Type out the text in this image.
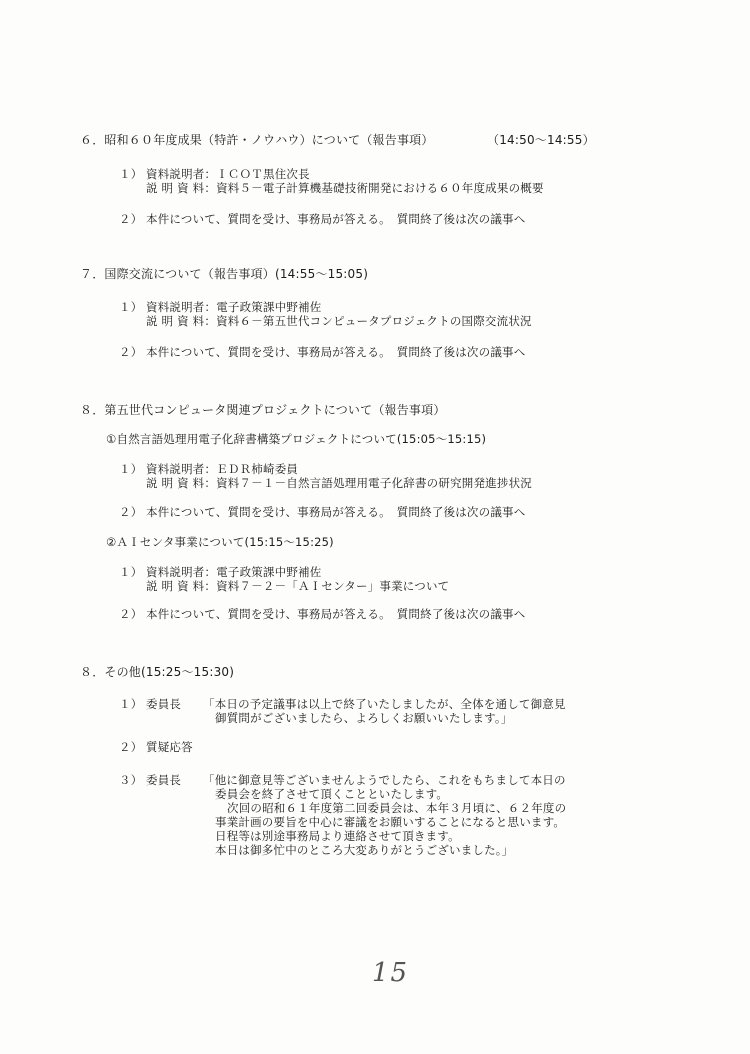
６．昭和６０年度成果（特許・ノウハウ）について（報告事項）	（14:50〜14:55）
１） 資料説明者：ＩＣＯＴ黒住次長
説 明 資 料：資料５－電子計算機基礎技術開発における６０年度成果の概要
２） 本件について、質問を受け、事務局が答える。　質問終了後は次の議事へ
７．国際交流について（報告事項）(14:55〜15:05)
１） 資料説明者：電子政策課中野補佐
説 明 資 料：資料６－第五世代コンピュータプロジェクトの国際交流状況
２） 本件について、質問を受け、事務局が答える。　質問終了後は次の議事へ
８．第五世代コンピュータ関連プロジェクトについて（報告事項）
①自然言語処理用電子化辞書構築プロジェクトについて(15:05〜15:15)
１） 資料説明者：ＥＤＲ柿崎委員
説 明 資 料：資料７－１－自然言語処理用電子化辞書の研究開発進捗状況
２） 本件について、質問を受け、事務局が答える。　質問終了後は次の議事へ
②ＡＩセンタ事業について(15:15〜15:25)
１） 資料説明者：電子政策課中野補佐
説 明 資 料：資料７－２－「ＡＩセンター」事業について
２） 本件について、質問を受け、事務局が答える。　質問終了後は次の議事へ
８．その他(15:25〜15:30)
１） 委員長 「本日の予定議事は以上で終了いたしましたが、全体を通して御意見
御質問がございましたら、よろしくお願いいたします。」
２） 質疑応答
３） 委員長 「他に御意見等ございませんようでしたら、これをもちまして本日の
委員会を終了させて頂くことといたします。
次回の昭和６１年度第二回委員会は、本年３月頃に、６２年度の
事業計画の要旨を中心に審議をお願いすることになると思います。
日程等は別途事務局より連絡させて頂きます。
本日は御多忙中のところ大変ありがとうございました。」
15
